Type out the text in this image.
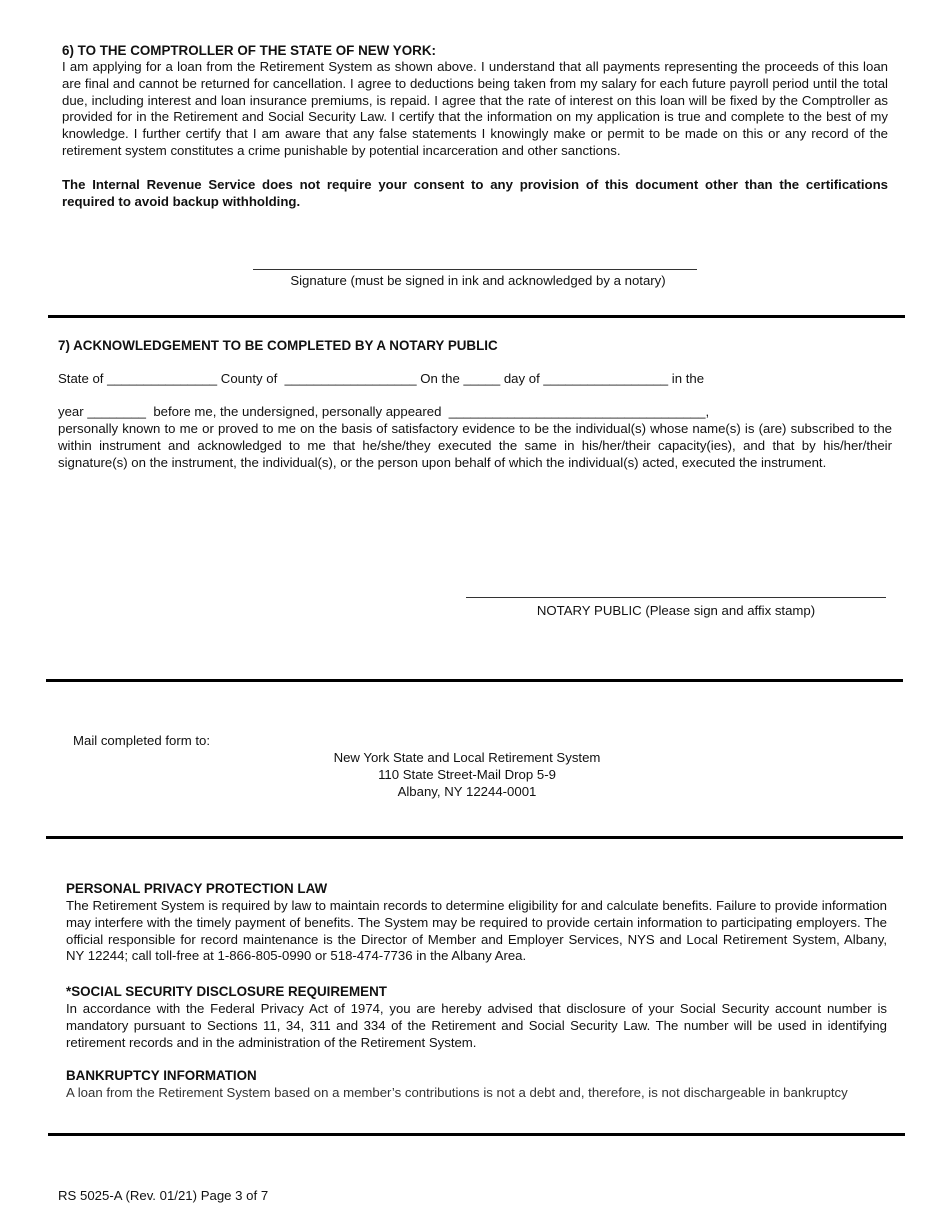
6) TO THE COMPTROLLER OF THE STATE OF NEW YORK:
I am applying for a loan from the Retirement System as shown above. I understand that all payments representing the proceeds of this loan are final and cannot be returned for cancellation. I agree to deductions being taken from my salary for each future payroll period until the total due, including interest and loan insurance premiums, is repaid. I agree that the rate of interest on this loan will be fixed by the Comptroller as provided for in the Retirement and Social Security Law. I certify that the information on my application is true and complete to the best of my knowledge. I further certify that I am aware that any false statements I knowingly make or permit to be made on this or any record of the retirement system constitutes a crime punishable by potential incarceration and other sanctions.
The Internal Revenue Service does not require your consent to any provision of this document other than the certifications required to avoid backup withholding.
Signature (must be signed in ink and acknowledged by a notary)
7) ACKNOWLEDGEMENT TO BE COMPLETED BY A NOTARY PUBLIC
State of _______________ County of  __________________ On the _____ day of _________________ in the
year ________  before me, the undersigned, personally appeared  ___________________________________,
personally known to me or proved to me on the basis of satisfactory evidence to be the individual(s) whose name(s) is (are) subscribed to the within instrument and acknowledged to me that he/she/they executed the same in his/her/their capacity(ies), and that by his/her/their signature(s) on the instrument, the individual(s), or the person upon behalf of which the individual(s) acted, executed the instrument.
NOTARY PUBLIC (Please sign and affix stamp)
Mail completed form to:
New York State and Local Retirement System
110 State Street-Mail Drop 5-9
Albany, NY 12244-0001
PERSONAL PRIVACY PROTECTION LAW
The Retirement System is required by law to maintain records to determine eligibility for and calculate benefits. Failure to provide information may interfere with the timely payment of benefits. The System may be required to provide certain information to participating employers. The official responsible for record maintenance is the Director of Member and Employer Services, NYS and Local Retirement System, Albany, NY 12244; call toll-free at 1-866-805-0990 or 518-474-7736 in the Albany Area.
*SOCIAL SECURITY DISCLOSURE REQUIREMENT
In accordance with the Federal Privacy Act of 1974, you are hereby advised that disclosure of your Social Security account number is mandatory pursuant to Sections 11, 34, 311 and 334 of the Retirement and Social Security Law. The number will be used in identifying retirement records and in the administration of the Retirement System.
BANKRUPTCY INFORMATION
A loan from the Retirement System based on a member’s contributions is not a debt and, therefore, is not dischargeable in bankruptcy
RS 5025-A (Rev. 01/21) Page 3 of 7
